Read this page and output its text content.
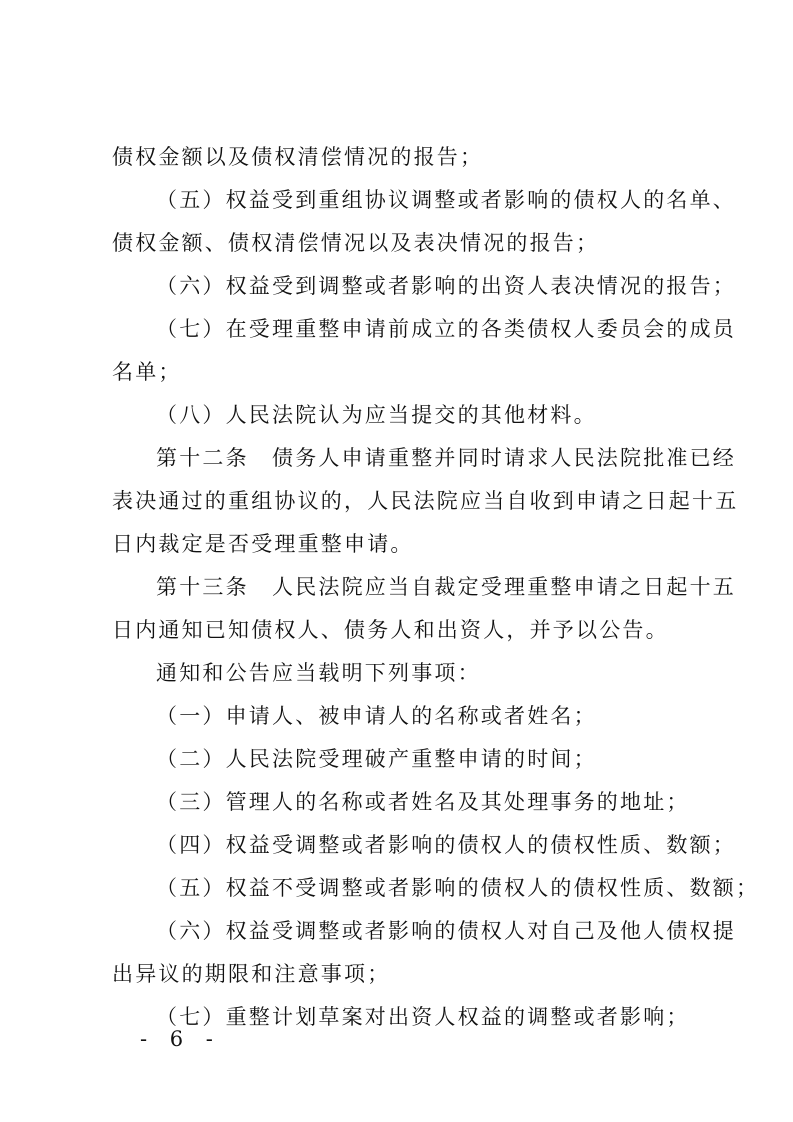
债权金额以及债权清偿情况的报告；
（五）权益受到重组协议调整或者影响的债权人的名单、
债权金额、债权清偿情况以及表决情况的报告；
（六）权益受到调整或者影响的出资人表决情况的报告；
（七）在受理重整申请前成立的各类债权人委员会的成员
名单；
（八）人民法院认为应当提交的其他材料。
第十二条　债务人申请重整并同时请求人民法院批准已经
表决通过的重组协议的，人民法院应当自收到申请之日起十五
日内裁定是否受理重整申请。
第十三条　人民法院应当自裁定受理重整申请之日起十五
日内通知已知债权人、债务人和出资人，并予以公告。
通知和公告应当载明下列事项：
（一）申请人、被申请人的名称或者姓名；
（二）人民法院受理破产重整申请的时间；
（三）管理人的名称或者姓名及其处理事务的地址；
（四）权益受调整或者影响的债权人的债权性质、数额；
（五）权益不受调整或者影响的债权人的债权性质、数额；
（六）权益受调整或者影响的债权人对自己及他人债权提
出异议的期限和注意事项；
（七）重整计划草案对出资人权益的调整或者影响；
- 6 -
